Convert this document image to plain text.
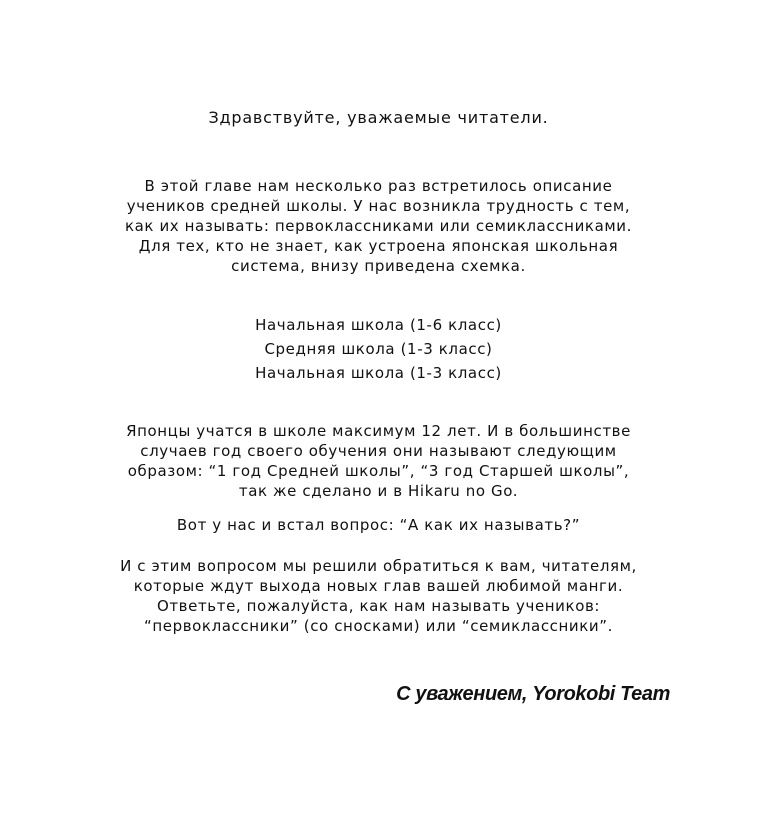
Здравствуйте, уважаемые читатели.
В этой главе нам несколько раз встретилось описание
учеников средней школы. У нас возникла трудность с тем,
как их называть: первоклассниками или семиклассниками.
Для тех, кто не знает, как устроена японская школьная
система, внизу приведена схемка.
Начальная школа (1-6 класс)
Средняя школа (1-3 класс)
Начальная школа (1-3 класс)
Японцы учатся в школе максимум 12 лет. И в большинстве
случаев год своего обучения они называют следующим
образом: “1 год Средней школы”, “3 год Старшей школы”,
так же сделано и в Hikaru no Go.
Вот у нас и встал вопрос: “А как их называть?”
И с этим вопросом мы решили обратиться к вам, читателям,
которые ждут выхода новых глав вашей любимой манги.
Ответьте, пожалуйста, как нам называть учеников:
“первоклассники” (со сносками) или “семиклассники”.
С уважением, Yorokobi Team
